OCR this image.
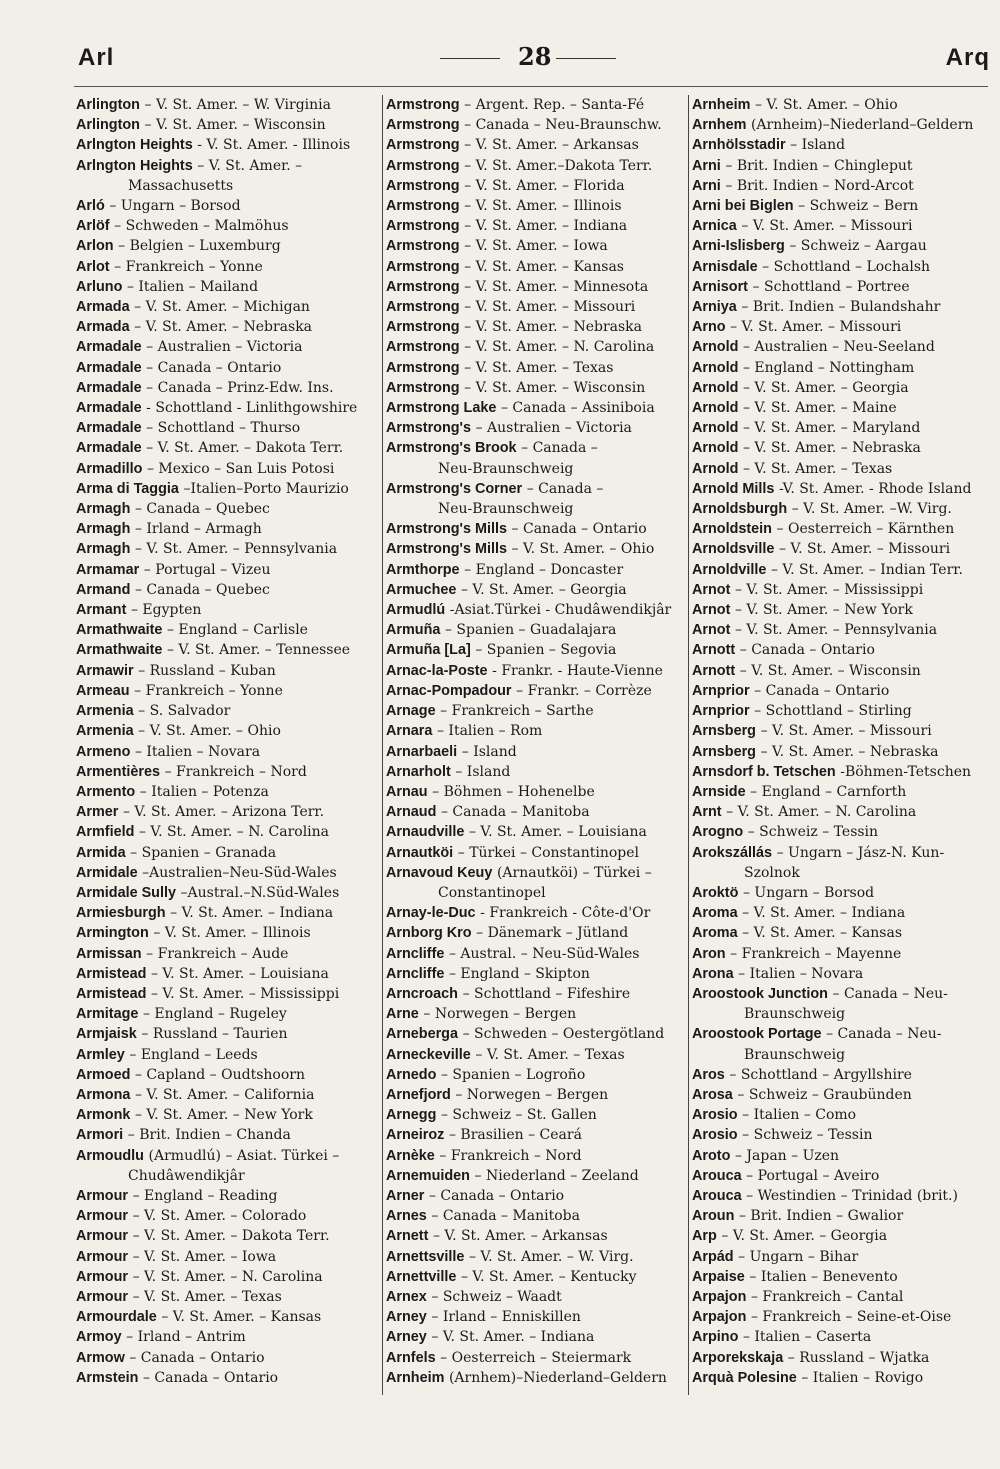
Arl	28	Arq
Arlington – V. St. Amer. – W. Virginia
Arlington – V. St. Amer. – Wisconsin
Arlngton Heights - V. St. Amer. - Illinois
Arlngton Heights – V. St. Amer. –
Massachusetts
Arló – Ungarn – Borsod
Arlöf – Schweden – Malmöhus
Arlon – Belgien – Luxemburg
Arlot – Frankreich – Yonne
Arluno – Italien – Mailand
Armada – V. St. Amer. – Michigan
Armada – V. St. Amer. – Nebraska
Armadale – Australien – Victoria
Armadale – Canada – Ontario
Armadale – Canada – Prinz-Edw. Ins.
Armadale - Schottland - Linlithgowshire
Armadale – Schottland – Thurso
Armadale – V. St. Amer. – Dakota Terr.
Armadillo – Mexico – San Luis Potosi
Arma di Taggia –Italien–Porto Maurizio
Armagh – Canada – Quebec
Armagh – Irland – Armagh
Armagh – V. St. Amer. – Pennsylvania
Armamar – Portugal – Vizeu
Armand – Canada – Quebec
Armant – Egypten
Armathwaite – England – Carlisle
Armathwaite – V. St. Amer. – Tennessee
Armawir – Russland – Kuban
Armeau – Frankreich – Yonne
Armenia – S. Salvador
Armenia – V. St. Amer. – Ohio
Armeno – Italien – Novara
Armentières – Frankreich – Nord
Armento – Italien – Potenza
Armer – V. St. Amer. – Arizona Terr.
Armfield – V. St. Amer. – N. Carolina
Armida – Spanien – Granada
Armidale –Australien–Neu-Süd-Wales
Armidale Sully –Austral.–N.Süd-Wales
Armiesburgh – V. St. Amer. – Indiana
Armington – V. St. Amer. – Illinois
Armissan – Frankreich – Aude
Armistead – V. St. Amer. – Louisiana
Armistead – V. St. Amer. – Mississippi
Armitage – England – Rugeley
Armjaisk – Russland – Taurien
Armley – England – Leeds
Armoed – Capland – Oudtshoorn
Armona – V. St. Amer. – California
Armonk – V. St. Amer. – New York
Armori – Brit. Indien – Chanda
Armoudlu (Armudlú) – Asiat. Türkei –
Chudâwendikjâr
Armour – England – Reading
Armour – V. St. Amer. – Colorado
Armour – V. St. Amer. – Dakota Terr.
Armour – V. St. Amer. – Iowa
Armour – V. St. Amer. – N. Carolina
Armour – V. St. Amer. – Texas
Armourdale – V. St. Amer. – Kansas
Armoy – Irland – Antrim
Armow – Canada – Ontario
Armstein – Canada – Ontario
Armstrong – Argent. Rep. – Santa-Fé
Armstrong – Canada – Neu-Braunschw.
Armstrong – V. St. Amer. – Arkansas
Armstrong – V. St. Amer.–Dakota Terr.
Armstrong – V. St. Amer. – Florida
Armstrong – V. St. Amer. – Illinois
Armstrong – V. St. Amer. – Indiana
Armstrong – V. St. Amer. – Iowa
Armstrong – V. St. Amer. – Kansas
Armstrong – V. St. Amer. – Minnesota
Armstrong – V. St. Amer. – Missouri
Armstrong – V. St. Amer. – Nebraska
Armstrong – V. St. Amer. – N. Carolina
Armstrong – V. St. Amer. – Texas
Armstrong – V. St. Amer. – Wisconsin
Armstrong Lake – Canada – Assiniboia
Armstrong's – Australien – Victoria
Armstrong's Brook – Canada –
Neu-Braunschweig
Armstrong's Corner – Canada –
Neu-Braunschweig
Armstrong's Mills – Canada – Ontario
Armstrong's Mills – V. St. Amer. – Ohio
Armthorpe – England – Doncaster
Armuchee – V. St. Amer. – Georgia
Armudlú -Asiat.Türkei - Chudâwendikjâr
Armuña – Spanien – Guadalajara
Armuña [La] – Spanien – Segovia
Arnac-la-Poste - Frankr. - Haute-Vienne
Arnac-Pompadour – Frankr. – Corrèze
Arnage – Frankreich – Sarthe
Arnara – Italien – Rom
Arnarbaeli – Island
Arnarholt – Island
Arnau – Böhmen – Hohenelbe
Arnaud – Canada – Manitoba
Arnaudville – V. St. Amer. – Louisiana
Arnautköi – Türkei – Constantinopel
Arnavoud Keuy (Arnautköi) – Türkei –
Constantinopel
Arnay-le-Duc - Frankreich - Côte-d'Or
Arnborg Kro – Dänemark – Jütland
Arncliffe – Austral. – Neu-Süd-Wales
Arncliffe – England – Skipton
Arncroach – Schottland – Fifeshire
Arne – Norwegen – Bergen
Arneberga – Schweden – Oestergötland
Arneckeville – V. St. Amer. – Texas
Arnedo – Spanien – Logroño
Arnefjord – Norwegen – Bergen
Arnegg – Schweiz – St. Gallen
Arneiroz – Brasilien – Ceará
Arnèke – Frankreich – Nord
Arnemuiden – Niederland – Zeeland
Arner – Canada – Ontario
Arnes – Canada – Manitoba
Arnett – V. St. Amer. – Arkansas
Arnettsville – V. St. Amer. – W. Virg.
Arnettville – V. St. Amer. – Kentucky
Arnex – Schweiz – Waadt
Arney – Irland – Enniskillen
Arney – V. St. Amer. – Indiana
Arnfels – Oesterreich – Steiermark
Arnheim (Arnhem)–Niederland–Geldern
Arnheim – V. St. Amer. – Ohio
Arnhem (Arnheim)–Niederland–Geldern
Arnhölsstadir – Island
Arni – Brit. Indien – Chingleput
Arni – Brit. Indien – Nord-Arcot
Arni bei Biglen – Schweiz – Bern
Arnica – V. St. Amer. – Missouri
Arni-Islisberg – Schweiz – Aargau
Arnisdale – Schottland – Lochalsh
Arnisort – Schottland – Portree
Arniya – Brit. Indien – Bulandshahr
Arno – V. St. Amer. – Missouri
Arnold – Australien – Neu-Seeland
Arnold – England – Nottingham
Arnold – V. St. Amer. – Georgia
Arnold – V. St. Amer. – Maine
Arnold – V. St. Amer. – Maryland
Arnold – V. St. Amer. – Nebraska
Arnold – V. St. Amer. – Texas
Arnold Mills -V. St. Amer. - Rhode Island
Arnoldsburgh – V. St. Amer. –W. Virg.
Arnoldstein – Oesterreich – Kärnthen
Arnoldsville – V. St. Amer. – Missouri
Arnoldville – V. St. Amer. – Indian Terr.
Arnot – V. St. Amer. – Mississippi
Arnot – V. St. Amer. – New York
Arnot – V. St. Amer. – Pennsylvania
Arnott – Canada – Ontario
Arnott – V. St. Amer. – Wisconsin
Arnprior – Canada – Ontario
Arnprior – Schottland – Stirling
Arnsberg – V. St. Amer. – Missouri
Arnsberg – V. St. Amer. – Nebraska
Arnsdorf b. Tetschen -Böhmen-Tetschen
Arnside – England – Carnforth
Arnt – V. St. Amer. – N. Carolina
Arogno – Schweiz – Tessin
Arokszállás – Ungarn – Jász-N. Kun-
Szolnok
Aroktö – Ungarn – Borsod
Aroma – V. St. Amer. – Indiana
Aroma – V. St. Amer. – Kansas
Aron – Frankreich – Mayenne
Arona – Italien – Novara
Aroostook Junction – Canada – Neu-
Braunschweig
Aroostook Portage – Canada – Neu-
Braunschweig
Aros – Schottland – Argyllshire
Arosa – Schweiz – Graubünden
Arosio – Italien – Como
Arosio – Schweiz – Tessin
Aroto – Japan – Uzen
Arouca – Portugal – Aveiro
Arouca – Westindien – Trinidad (brit.)
Aroun – Brit. Indien – Gwalior
Arp – V. St. Amer. – Georgia
Arpád – Ungarn – Bihar
Arpaise – Italien – Benevento
Arpajon – Frankreich – Cantal
Arpajon – Frankreich – Seine-et-Oise
Arpino – Italien – Caserta
Arporekskaja – Russland – Wjatka
Arquà Polesine – Italien – Rovigo
